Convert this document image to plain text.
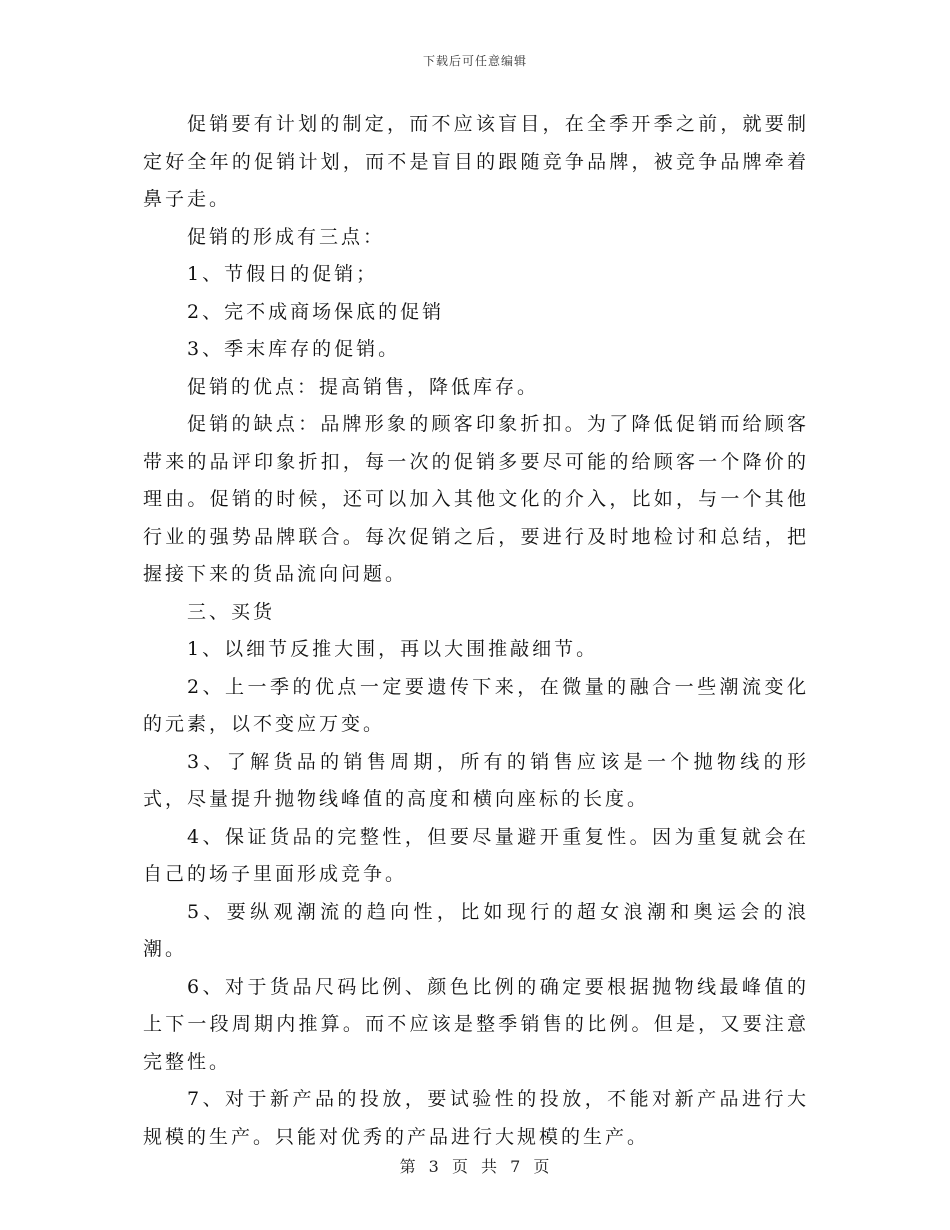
下载后可任意编辑

促销要有计划的制定，而不应该盲目，在全季开季之前，就要制定好全年的促销计划，而不是盲目的跟随竞争品牌，被竞争品牌牵着鼻子走。

促销的形成有三点：

1、节假日的促销；

2、完不成商场保底的促销

3、季末库存的促销。

促销的优点：提高销售，降低库存。

促销的缺点：品牌形象的顾客印象折扣。为了降低促销而给顾客带来的品评印象折扣，每一次的促销多要尽可能的给顾客一个降价的理由。促销的时候，还可以加入其他文化的介入，比如，与一个其他行业的强势品牌联合。每次促销之后，要进行及时地检讨和总结，把握接下来的货品流向问题。

三、买货

1、以细节反推大围，再以大围推敲细节。

2、上一季的优点一定要遗传下来，在微量的融合一些潮流变化的元素，以不变应万变。

3、了解货品的销售周期，所有的销售应该是一个抛物线的形式，尽量提升抛物线峰值的高度和横向座标的长度。

4、保证货品的完整性，但要尽量避开重复性。因为重复就会在自己的场子里面形成竞争。

5、要纵观潮流的趋向性，比如现行的超女浪潮和奥运会的浪潮。

6、对于货品尺码比例、颜色比例的确定要根据抛物线最峰值的上下一段周期内推算。而不应该是整季销售的比例。但是，又要注意完整性。

7、对于新产品的投放，要试验性的投放，不能对新产品进行大规模的生产。只能对优秀的产品进行大规模的生产。

第 3 页 共 7 页
